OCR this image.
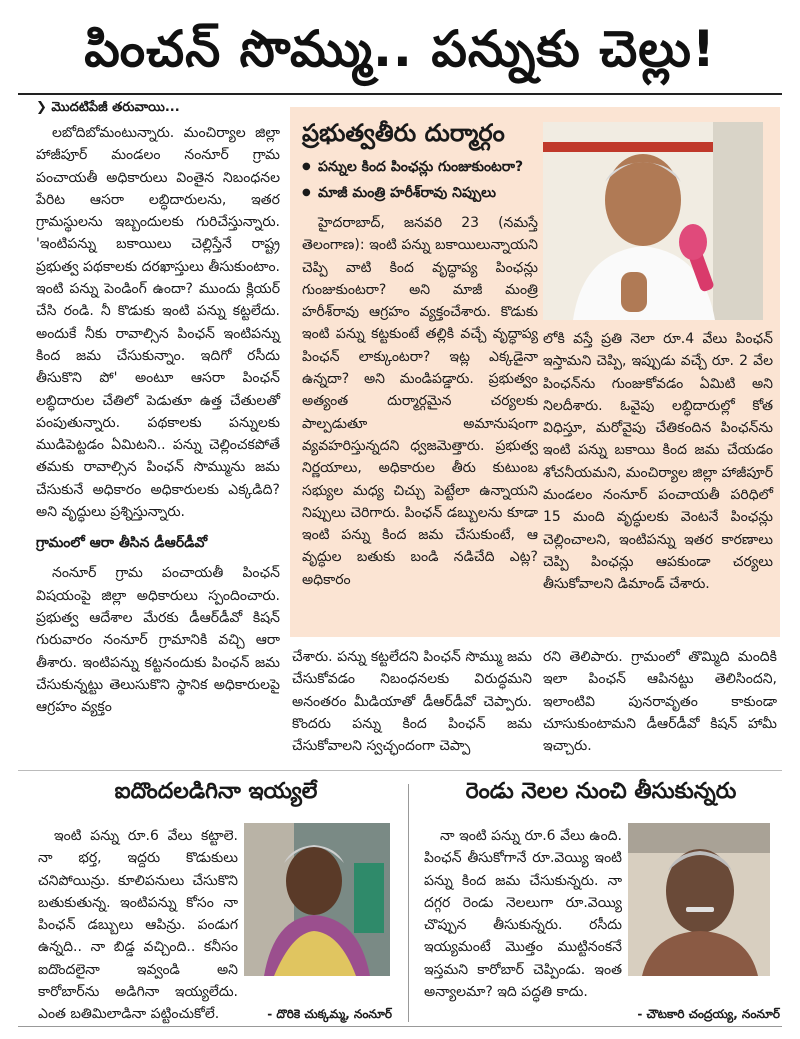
పించన్ సొమ్ము.. పన్నుకు చెల్లు!
❯ మొదటిపేజీ తరువాయి...

లబోదిబోమంటున్నారు. మంచిర్యాల జిల్లా హాజీపూర్ మండలం నంనూర్ గ్రామ పంచాయతీ అధికారులు వింతైన నిబంధనల పేరిట ఆసరా లబ్ధిదారులను, ఇతర గ్రామస్థులను ఇబ్బందులకు గురిచేస్తున్నారు. 'ఇంటిపన్ను బకాయిలు చెల్లిస్తేనే రాష్ట్ర ప్రభుత్వ పథకాలకు దరఖాస్తులు తీసుకుంటాం. ఇంటి పన్ను పెండింగ్ ఉందా? ముందు క్లియర్ చేసి రండి. నీ కొడుకు ఇంటి పన్ను కట్టలేదు. అందుకే నీకు రావాల్సిన పింఛన్ ఇంటిపన్ను కింద జమ చేసుకున్నాం. ఇదిగో రసీదు తీసుకొని పో' అంటూ ఆసరా పింఛన్ లబ్ధిదారుల చేతిలో పెడుతూ ఉత్త చేతులతో పంపుతున్నారు. పథకాలకు పన్నులకు ముడిపెట్టడం ఏమిటని.. పన్ను చెల్లించకపోతే తమకు రావాల్సిన పింఛన్ సొమ్మును జమ చేసుకునే అధికారం అధికారులకు ఎక్కడిది? అని వృద్ధులు ప్రశ్నిస్తున్నారు.

గ్రామంలో ఆరా తీసిన డీఆర్‌డీవో

నంనూర్ గ్రామ పంచాయతీ పింఛన్ విషయంపై జిల్లా అధికారులు స్పందించారు. ప్రభుత్వ ఆదేశాల మేరకు డీఆర్‌డీవో కిషన్ గురువారం నంనూర్ గ్రామానికి వచ్చి ఆరా తీశారు. ఇంటిపన్ను కట్టనందుకు పింఛన్ జమ చేసుకున్నట్టు తెలుసుకొని స్థానిక అధికారులపై ఆగ్రహం వ్యక్తం

ప్రభుత్వతీరు దుర్మార్గం
● పన్నుల కింద పింఛన్లు గుంజుకుంటరా?
● మాజీ మంత్రి హరీశ్‌రావు నిప్పులు

హైదరాబాద్, జనవరి 23 (నమస్తే తెలంగాణ): ఇంటి పన్ను బకాయిలున్నాయని చెప్పి వాటి కింద వృద్ధాప్య పింఛన్లు గుంజుకుంటరా? అని మాజీ మంత్రి హరీశ్‌రావు ఆగ్రహం వ్యక్తంచేశారు. కొడుకు ఇంటి పన్ను కట్టకుంటే తల్లికి వచ్చే వృద్ధాప్య పింఛన్ లాక్కుంటరా? ఇట్ల ఎక్కడైనా ఉన్నదా? అని మండిపడ్డారు. ప్రభుత్వం అత్యంత దుర్మార్గమైన చర్యలకు పాల్పడుతూ అమానుషంగా వ్యవహరిస్తున్నదని ధ్వజమెత్తారు. ప్రభుత్వ నిర్ణయాలు, అధికారుల తీరు కుటుంబ సభ్యుల మధ్య చిచ్చు పెట్టేలా ఉన్నాయని నిప్పులు చెరిగారు. పింఛన్ డబ్బులను కూడా ఇంటి పన్ను కింద జమ చేసుకుంటే, ఆ వృద్ధుల బతుకు బండి నడిచేది ఎట్ల? అధికారం

లోకి వస్తే ప్రతి నెలా రూ.4 వేలు పింఛన్ ఇస్తామని చెప్పి, ఇప్పుడు వచ్చే రూ. 2 వేల పింఛన్‌ను గుంజుకోవడం ఏమిటి అని నిలదీశారు. ఓవైపు లబ్ధిదారుల్లో కోత విధిస్తూ, మరోవైపు చేతికందిన పింఛన్‌ను ఇంటి పన్ను బకాయి కింద జమ చేయడం శోచనీయమని, మంచిర్యాల జిల్లా హాజీపూర్ మండలం నంనూర్ పంచాయతీ పరిధిలో 15 మంది వృద్ధులకు వెంటనే పింఛన్లు చెల్లించాలని, ఇంటిపన్ను ఇతర కారణాలు చెప్పి పింఛన్లు ఆపకుండా చర్యలు తీసుకోవాలని డిమాండ్ చేశారు.

చేశారు. పన్ను కట్టలేదని పింఛన్ సొమ్ము జమ చేసుకోవడం నిబంధనలకు విరుద్ధమని అనంతరం మీడియాతో డీఆర్‌డీవో చెప్పారు. కొందరు పన్ను కింద పింఛన్ జమ చేసుకోవాలని స్వచ్ఛందంగా చెప్పా

రని తెలిపారు. గ్రామంలో తొమ్మిది మందికి ఇలా పింఛన్ ఆపినట్టు తెలిసిందని, ఇలాంటివి పునరావృతం కాకుండా చూసుకుంటామని డీఆర్‌డీవో కిషన్ హామీ ఇచ్చారు.

ఐదొందలడిగినా ఇయ్యలే

ఇంటి పన్ను రూ.6 వేలు కట్టాలె. నా భర్త, ఇద్దరు కొడుకులు చనిపోయిన్రు. కూలిపనులు చేసుకొని బతుకుతున్న. ఇంటిపన్ను కోసం నా పింఛన్ డబ్బులు ఆపిన్రు. పండుగ ఉన్నది.. నా బిడ్డ వచ్చింది.. కనీసం ఐదొందలైనా ఇవ్వండి అని కారోబార్‌ను అడిగినా ఇయ్యలేదు. ఎంత బతిమిలాడినా పట్టించుకోలే.	- దొరికె చుక్కమ్మ, నంనూర్
రెండు నెలల నుంచి తీసుకున్నరు

నా ఇంటి పన్ను రూ.6 వేలు ఉంది. పింఛన్ తీసుకోగానే రూ.వెయ్యి ఇంటి పన్ను కింద జమ చేసుకున్నరు. నా దగ్గర రెండు నెలలుగా రూ.వెయ్యి చొప్పున తీసుకున్నరు. రసీదు ఇయ్యమంటే మొత్తం ముట్టినంకనే ఇస్తమని కారోబార్ చెప్పిండు. ఇంత అన్యాలమా? ఇది పద్ధతి కాదు.

- చౌటకారి చంద్రయ్య, నంనూర్
